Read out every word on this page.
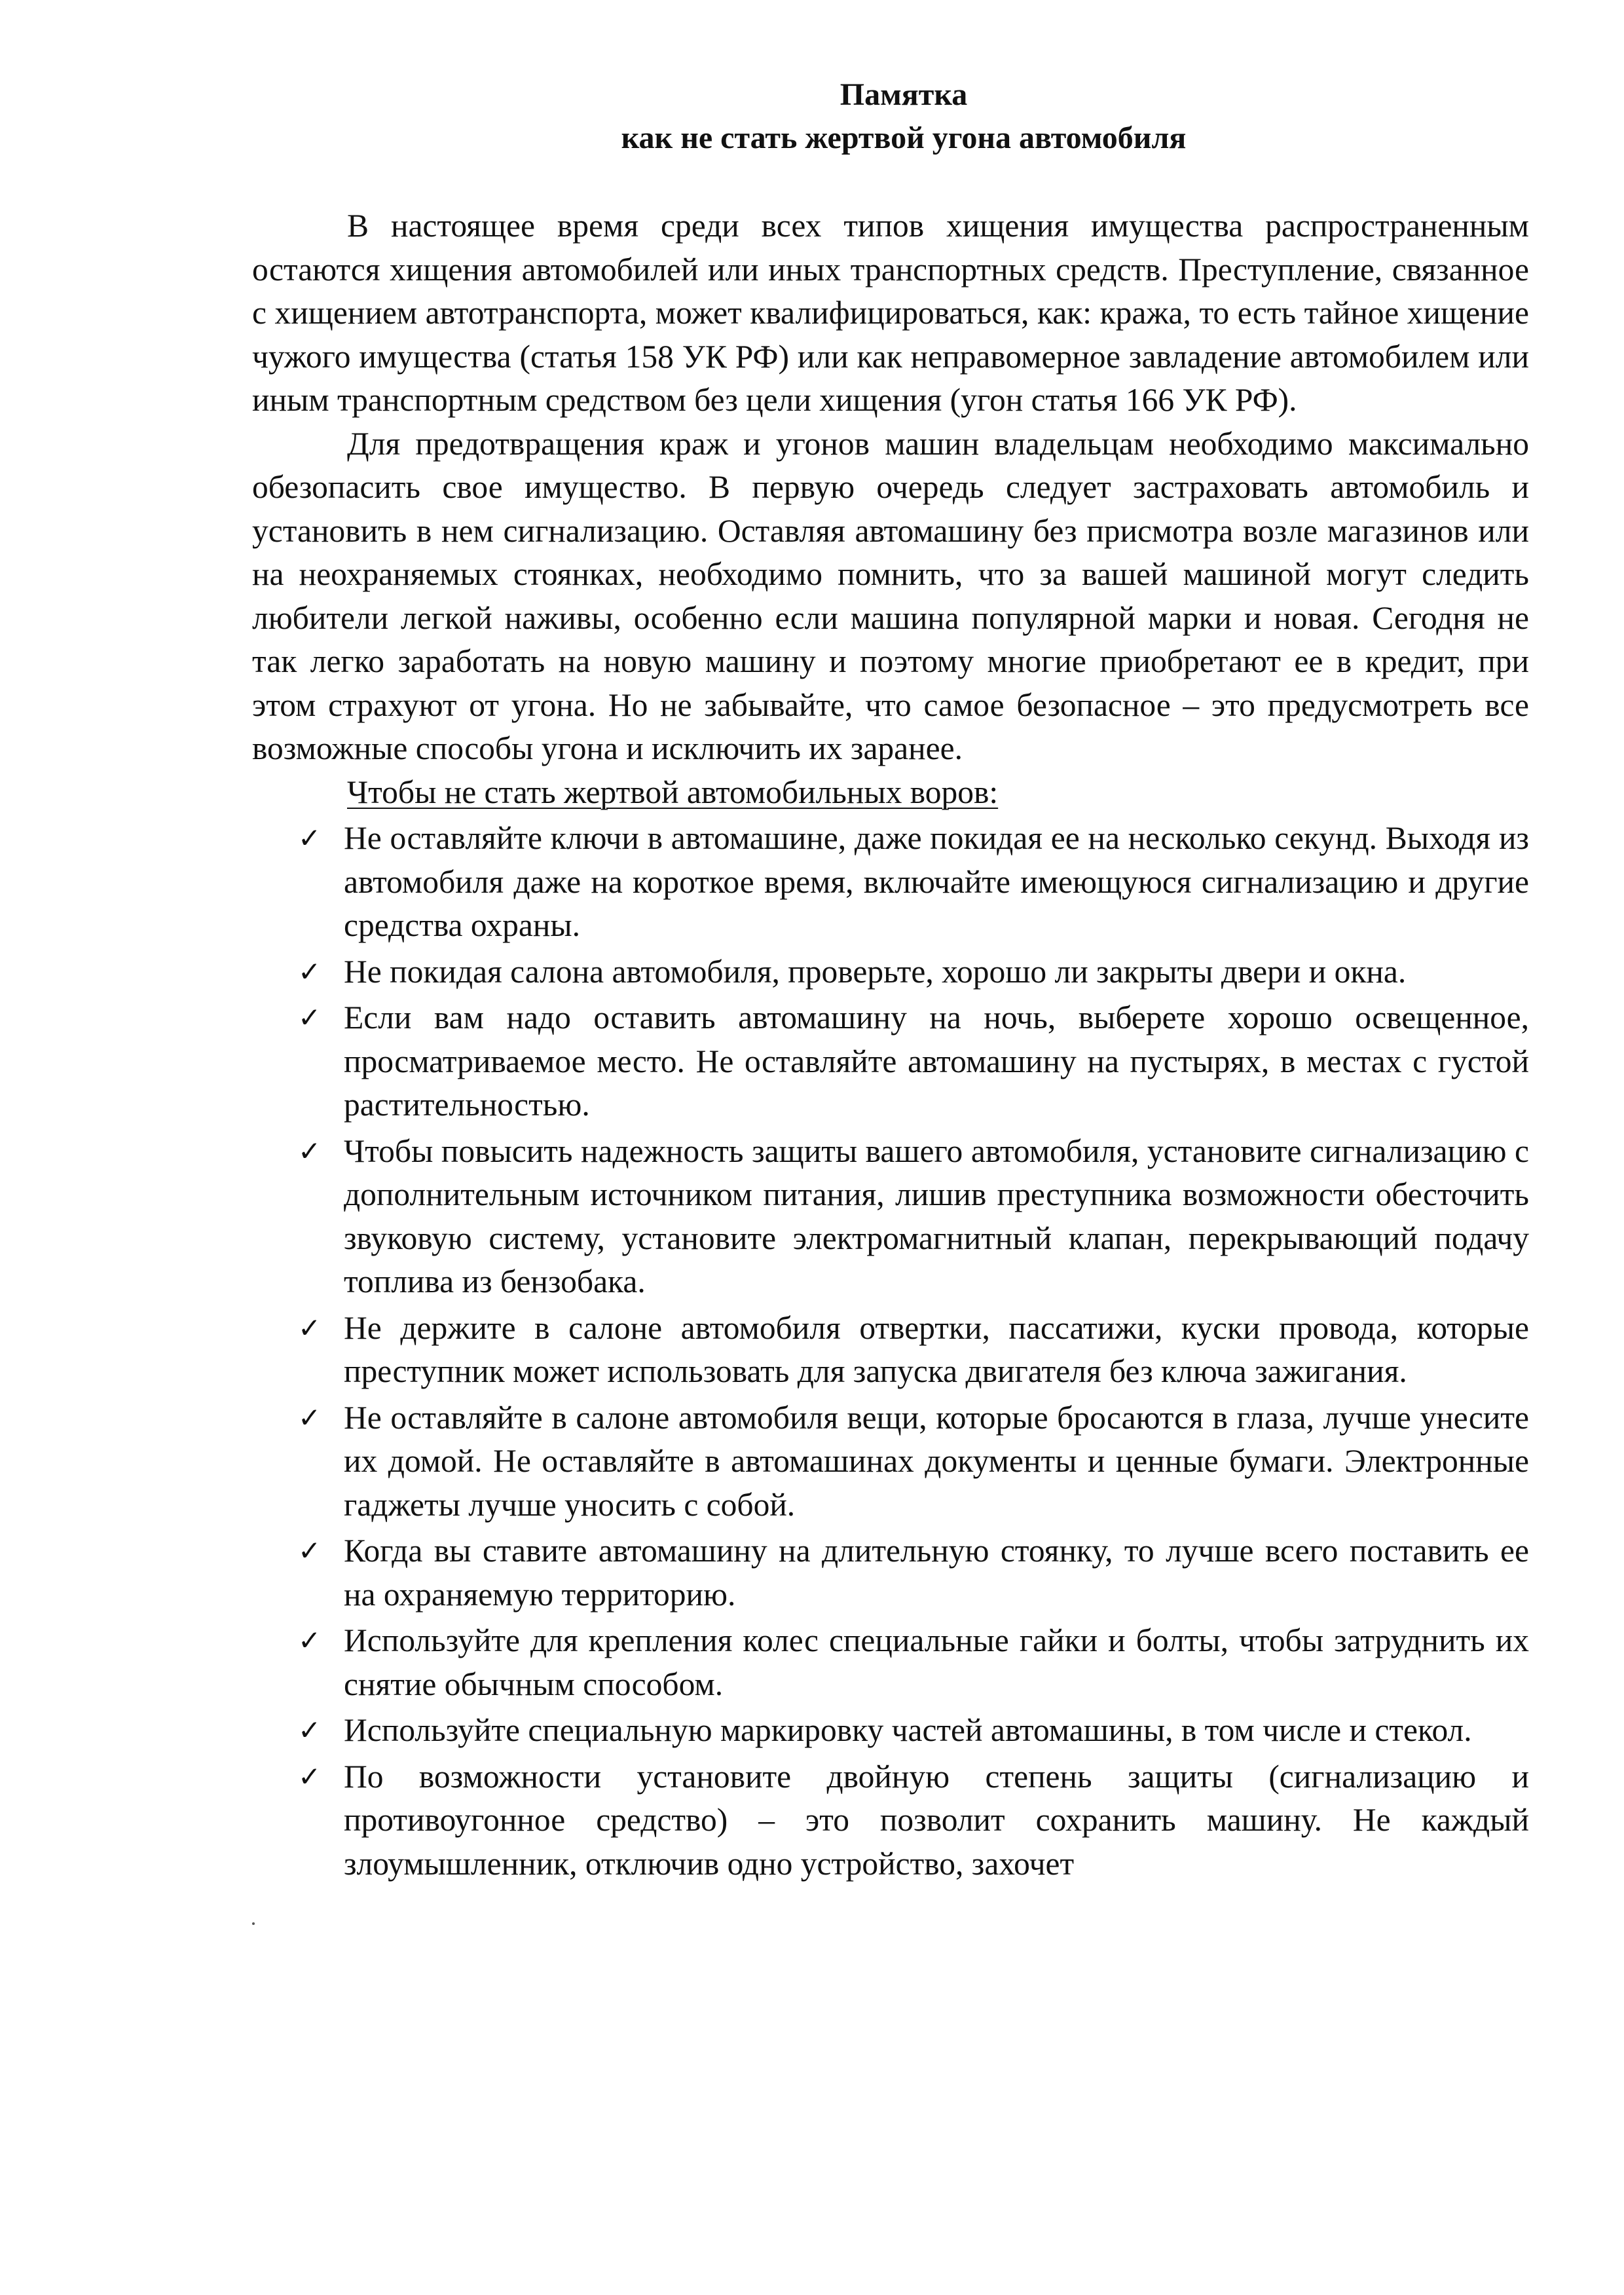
Памятка
как не стать жертвой угона автомобиля

В настоящее время среди всех типов хищения имущества распространенным остаются хищения автомобилей или иных транспортных средств. Преступление, связанное с хищением автотранспорта, может квалифицироваться, как: кража, то есть тайное хищение чужого имущества (статья 158 УК РФ) или как неправомерное завладение автомобилем или иным транспортным средством без цели хищения (угон статья 166 УК РФ).

Для предотвращения краж и угонов машин владельцам необходимо максимально обезопасить свое имущество. В первую очередь следует застраховать автомобиль и установить в нем сигнализацию. Оставляя автомашину без присмотра возле магазинов или на неохраняемых стоянках, необходимо помнить, что за вашей машиной могут следить любители легкой наживы, особенно если машина популярной марки и новая. Сегодня не так легко заработать на новую машину и поэтому многие приобретают ее в кредит, при этом страхуют от угона. Но не забывайте, что самое безопасное – это предусмотреть все возможные способы угона и исключить их заранее.

Чтобы не стать жертвой автомобильных воров:

✓ Не оставляйте ключи в автомашине, даже покидая ее на несколько секунд. Выходя из автомобиля даже на короткое время, включайте имеющуюся сигнализацию и другие средства охраны.
✓ Не покидая салона автомобиля, проверьте, хорошо ли закрыты двери и окна.
✓ Если вам надо оставить автомашину на ночь, выберете хорошо освещенное, просматриваемое место. Не оставляйте автомашину на пустырях, в местах с густой растительностью.
✓ Чтобы повысить надежность защиты вашего автомобиля, установите сигнализацию с дополнительным источником питания, лишив преступника возможности обесточить звуковую систему, установите электромагнитный клапан, перекрывающий подачу топлива из бензобака.
✓ Не держите в салоне автомобиля отвертки, пассатижи, куски провода, которые преступник может использовать для запуска двигателя без ключа зажигания.
✓ Не оставляйте в салоне автомобиля вещи, которые бросаются в глаза, лучше унесите их домой. Не оставляйте в автомашинах документы и ценные бумаги. Электронные гаджеты лучше уносить с собой.
✓ Когда вы ставите автомашину на длительную стоянку, то лучше всего поставить ее на охраняемую территорию.
✓ Используйте для крепления колес специальные гайки и болты, чтобы затруднить их снятие обычным способом.
✓ Используйте специальную маркировку частей автомашины, в том числе и стекол.
✓ По возможности установите двойную степень защиты (сигнализацию и противоугонное средство) – это позволит сохранить машину. Не каждый злоумышленник, отключив одно устройство, захочет
